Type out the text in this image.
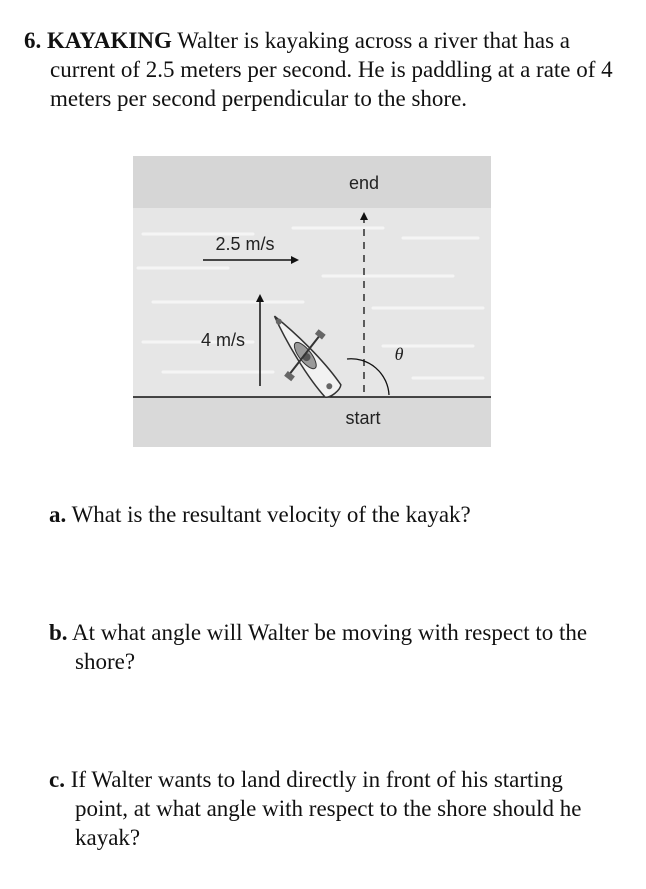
6. KAYAKING Walter is kayaking across a river that has a current of 2.5 meters per second. He is paddling at a rate of 4 meters per second perpendicular to the shore.
end
2.5 m/s
4 m/s
θ
start
a. What is the resultant velocity of the kayak?
b. At what angle will Walter be moving with respect to the shore?
c. If Walter wants to land directly in front of his starting point, at what angle with respect to the shore should he kayak?
